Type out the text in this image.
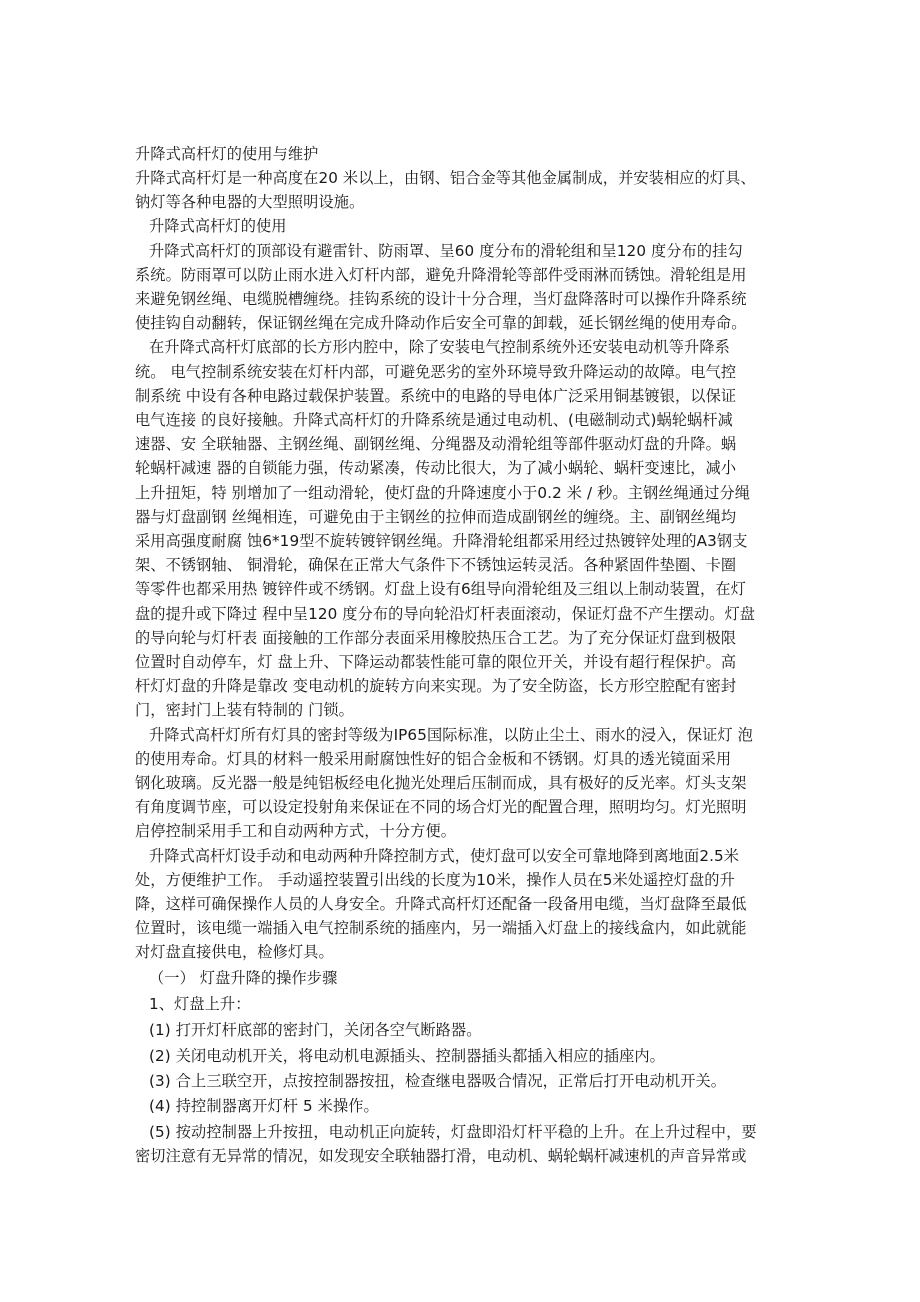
升降式高杆灯的使用与维护
升降式高杆灯是一种高度在20 米以上，由钢、铝合金等其他金属制成，并安装相应的灯具、
钠灯等各种电器的大型照明设施。
升降式高杆灯的使用
升降式高杆灯的顶部设有避雷针、防雨罩、呈60 度分布的滑轮组和呈120 度分布的挂勾
系统。防雨罩可以防止雨水进入灯杆内部，避免升降滑轮等部件受雨淋而锈蚀。滑轮组是用
来避免钢丝绳、电缆脱槽缠绕。挂钩系统的设计十分合理，当灯盘降落时可以操作升降系统
使挂钩自动翻转，保证钢丝绳在完成升降动作后安全可靠的卸载，延长钢丝绳的使用寿命。
在升降式高杆灯底部的长方形内腔中，除了安装电气控制系统外还安装电动机等升降系
统。 电气控制系统安装在灯杆内部，可避免恶劣的室外环境导致升降运动的故障。电气控
制系统 中设有各种电路过载保护装置。系统中的电路的导电体广泛采用铜基镀银，以保证
电气连接 的良好接触。升降式高杆灯的升降系统是通过电动机、(电磁制动式)蜗轮蜗杆减
速器、安 全联轴器、主钢丝绳、副钢丝绳、分绳器及动滑轮组等部件驱动灯盘的升降。蜗
轮蜗杆减速 器的自锁能力强，传动紧凑，传动比很大，为了减小蜗轮、蜗杆变速比，减小
上升扭矩，特 别增加了一组动滑轮，使灯盘的升降速度小于0.2 米 / 秒。主钢丝绳通过分绳
器与灯盘副钢 丝绳相连，可避免由于主钢丝的拉伸而造成副钢丝的缠绕。主、副钢丝绳均
采用高强度耐腐 蚀6*19型不旋转镀锌钢丝绳。升降滑轮组都采用经过热镀锌处理的A3钢支
架、不锈钢轴、 铜滑轮，确保在正常大气条件下不锈蚀运转灵活。各种紧固件垫圈、卡圈
等零件也都采用热 镀锌件或不绣钢。灯盘上设有6组导向滑轮组及三组以上制动装置，在灯
盘的提升或下降过 程中呈120 度分布的导向轮沿灯杆表面滚动，保证灯盘不产生摆动。灯盘
的导向轮与灯杆表 面接触的工作部分表面采用橡胶热压合工艺。为了充分保证灯盘到极限
位置时自动停车，灯 盘上升、下降运动都装性能可靠的限位开关，并设有超行程保护。高
杆灯灯盘的升降是靠改 变电动机的旋转方向来实现。为了安全防盗，长方形空腔配有密封
门，密封门上装有特制的 门锁。
升降式高杆灯所有灯具的密封等级为IP65国际标准，以防止尘土、雨水的浸入，保证灯 泡
的使用寿命。灯具的材料一般采用耐腐蚀性好的铝合金板和不锈钢。灯具的透光镜面采用
钢化玻璃。反光器一般是纯铝板经电化抛光处理后压制而成，具有极好的反光率。灯头支架
有角度调节座，可以设定投射角来保证在不同的场合灯光的配置合理，照明均匀。灯光照明
启停控制采用手工和自动两种方式，十分方便。
升降式高杆灯设手动和电动两种升降控制方式，使灯盘可以安全可靠地降到离地面2.5米
处，方便维护工作。 手动遥控装置引出线的长度为10米，操作人员在5米处遥控灯盘的升
降，这样可确保操作人员的人身安全。升降式高杆灯还配备一段备用电缆，当灯盘降至最低
位置时，该电缆一端插入电气控制系统的插座内，另一端插入灯盘上的接线盒内，如此就能
对灯盘直接供电，检修灯具。
（一） 灯盘升降的操作步骤
1、灯盘上升：
(1) 打开灯杆底部的密封门，关闭各空气断路器。
(2) 关闭电动机开关，将电动机电源插头、控制器插头都插入相应的插座内。
(3) 合上三联空开，点按控制器按扭，检查继电器吸合情况，正常后打开电动机开关。
(4) 持控制器离开灯杆 5 米操作。
(5) 按动控制器上升按扭，电动机正向旋转，灯盘即沿灯杆平稳的上升。在上升过程中，要
密切注意有无异常的情况，如发现安全联轴器打滑，电动机、蜗轮蜗杆减速机的声音异常或
